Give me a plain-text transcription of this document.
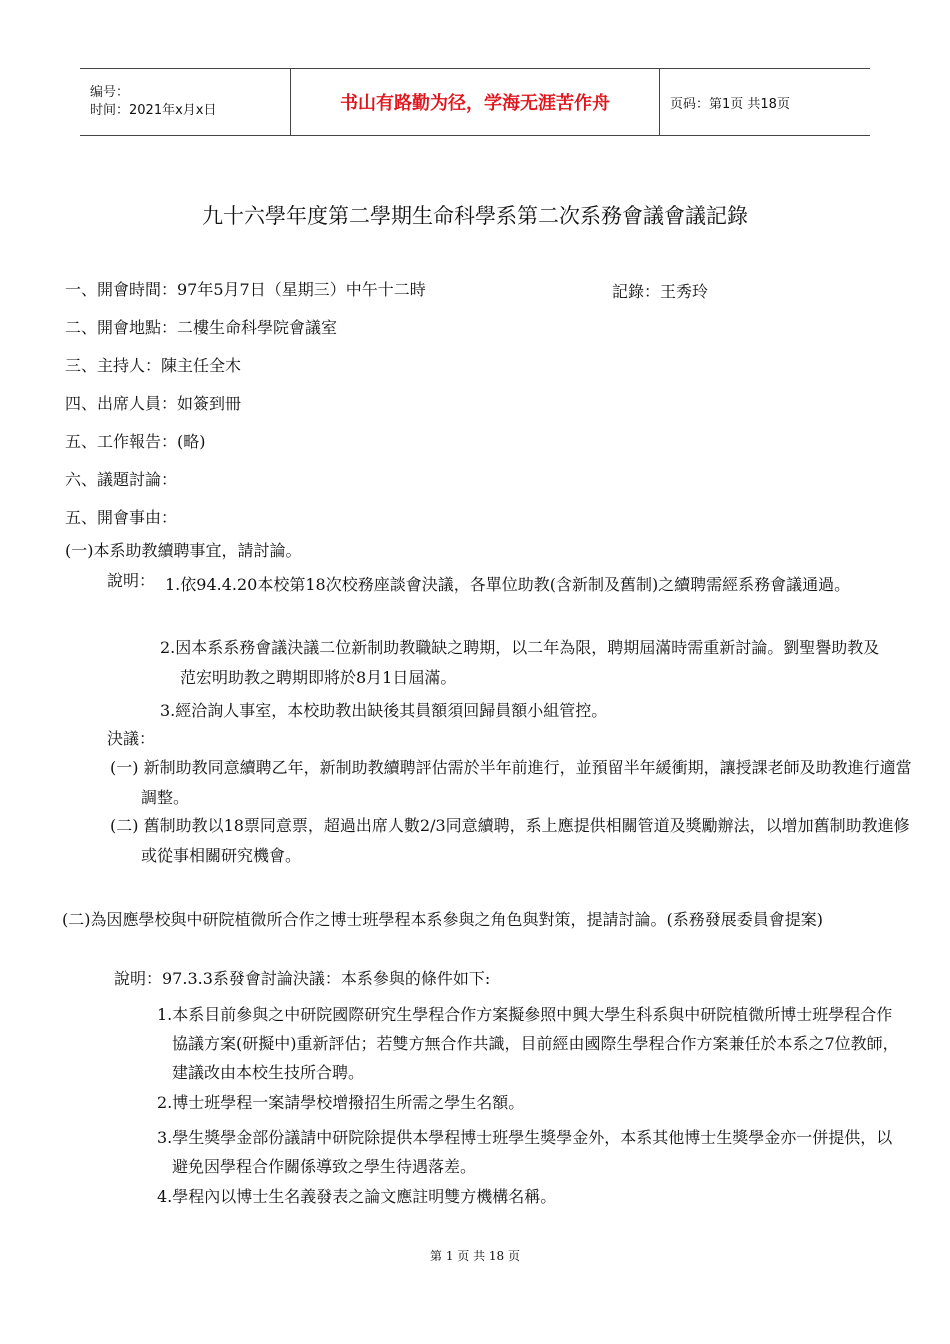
编号：
时间：2021年x月x日	书山有路勤为径，学海无涯苦作舟	页码：第1页 共18页
九十六學年度第二學期生命科學系第二次系務會議會議記錄
一、開會時間：97年5月7日（星期三）中午十二時	記錄：王秀玲
二、開會地點：二樓生命科學院會議室
三、主持人：陳主任全木
四、出席人員：如簽到冊
五、工作報告：(略)
六、議題討論：
五、開會事由：
(一)本系助教續聘事宜，請討論。
說明： 1.依94.4.20本校第18次校務座談會決議，各單位助教(含新制及舊制)之續聘需經系務會議通過。
2.因本系系務會議決議二位新制助教職缺之聘期，以二年為限，聘期屆滿時需重新討論。劉聖譽助教及范宏明助教之聘期即將於8月1日屆滿。
3.經洽詢人事室，本校助教出缺後其員額須回歸員額小組管控。
決議：
(一) 新制助教同意續聘乙年，新制助教續聘評估需於半年前進行，並預留半年緩衝期，讓授課老師及助教進行適當調整。
(二) 舊制助教以18票同意票，超過出席人數2/3同意續聘，系上應提供相關管道及獎勵辦法，以增加舊制助教進修或從事相關研究機會。
(二)為因應學校與中研院植微所合作之博士班學程本系參與之角色與對策，提請討論。(系務發展委員會提案)
說明：97.3.3系發會討論決議：本系參與的條件如下:
1.本系目前參與之中研院國際研究生學程合作方案擬參照中興大學生科系與中研院植微所博士班學程合作協議方案(研擬中)重新評估；若雙方無合作共識，目前經由國際生學程合作方案兼任於本系之7位教師，建議改由本校生技所合聘。
2.博士班學程一案請學校增撥招生所需之學生名額。
3.學生獎學金部份議請中研院除提供本學程博士班學生獎學金外，本系其他博士生獎學金亦一併提供，以避免因學程合作關係導致之學生待遇落差。
4.學程內以博士生名義發表之論文應註明雙方機構名稱。
第 1 页 共 18 页
